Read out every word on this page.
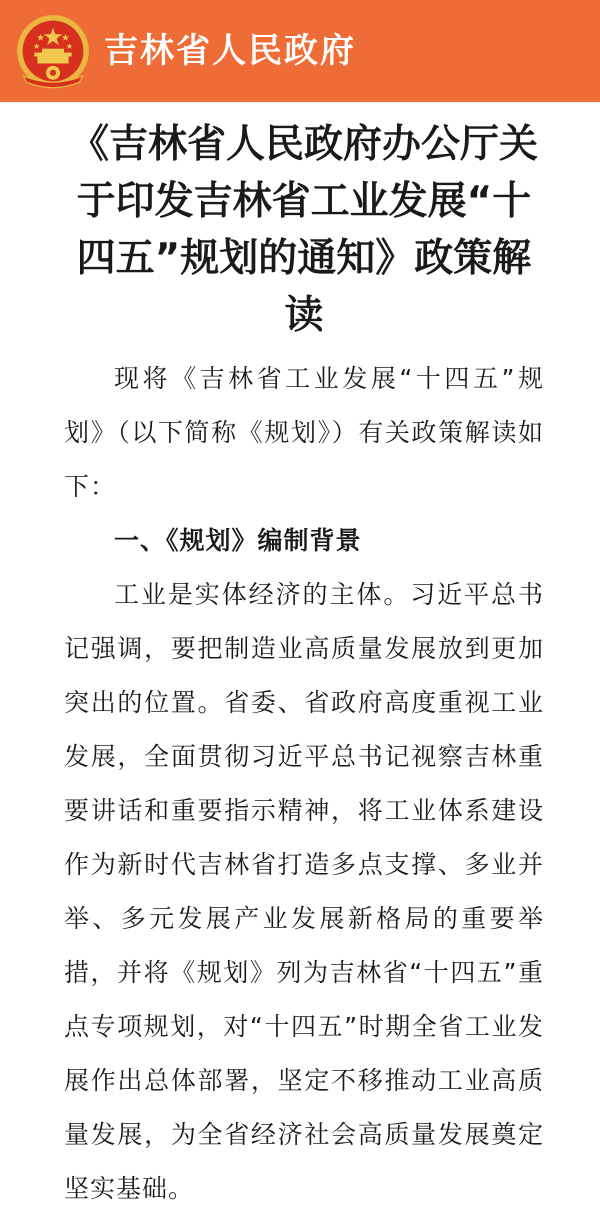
吉林省人民政府
《吉林省人民政府办公厅关于印发吉林省工业发展“十四五”规划的通知》政策解读

现将《吉林省工业发展“十四五”规划》（以下简称《规划》）有关政策解读如下：

一、《规划》编制背景

工业是实体经济的主体。习近平总书记强调，要把制造业高质量发展放到更加突出的位置。省委、省政府高度重视工业发展，全面贯彻习近平总书记视察吉林重要讲话和重要指示精神，将工业体系建设作为新时代吉林省打造多点支撑、多业并举、多元发展产业发展新格局的重要举措，并将《规划》列为吉林省“十四五”重点专项规划，对“十四五”时期全省工业发展作出总体部署，坚定不移推动工业高质量发展，为全省经济社会高质量发展奠定坚实基础。
